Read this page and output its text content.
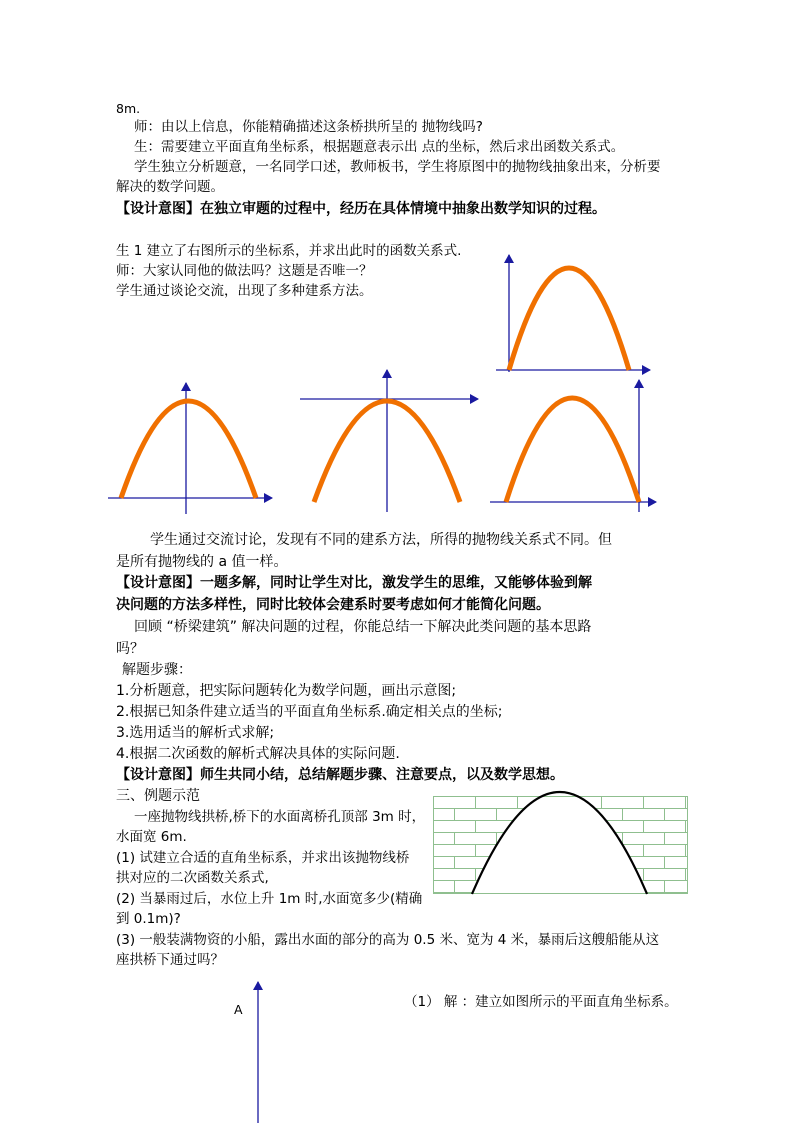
8m.
师：由以上信息，你能精确描述这条桥拱所呈的 抛物线吗?
生：需要建立平面直角坐标系，根据题意表示出 点的坐标，然后求出函数关系式。
学生独立分析题意，一名同学口述，教师板书，学生将原图中的抛物线抽象出来，分析要
解决的数学问题。
【设计意图】在独立审题的过程中，经历在具体情境中抽象出数学知识的过程。
生 1 建立了右图所示的坐标系，并求出此时的函数关系式.
师：大家认同他的做法吗？这题是否唯一？
学生通过谈论交流，出现了多种建系方法。
学生通过交流讨论，发现有不同的建系方法，所得的抛物线关系式不同。但
是所有抛物线的 a 值一样。
【设计意图】一题多解，同时让学生对比，激发学生的思维，又能够体验到解
决问题的方法多样性，同时比较体会建系时要考虑如何才能简化问题。
回顾 “桥梁建筑” 解决问题的过程，你能总结一下解决此类问题的基本思路
吗？
解题步骤：
1.分析题意，把实际问题转化为数学问题，画出示意图;
2.根据已知条件建立适当的平面直角坐标系.确定相关点的坐标;
3.选用适当的解析式求解;
4.根据二次函数的解析式解决具体的实际问题.
【设计意图】师生共同小结，总结解题步骤、注意要点，以及数学思想。
三、例题示范
一座抛物线拱桥,桥下的水面离桥孔顶部 3m 时，
水面宽 6m.
(1) 试建立合适的直角坐标系，并求出该抛物线桥
拱对应的二次函数关系式,
(2) 当暴雨过后，水位上升 1m 时,水面宽多少(精确
到 0.1m)?
(3) 一般装满物资的小船，露出水面的部分的高为 0.5 米、宽为 4 米，暴雨后这艘船能从这
座拱桥下通过吗？
（1） 解 ：建立如图所示的平面直角坐标系。
A
